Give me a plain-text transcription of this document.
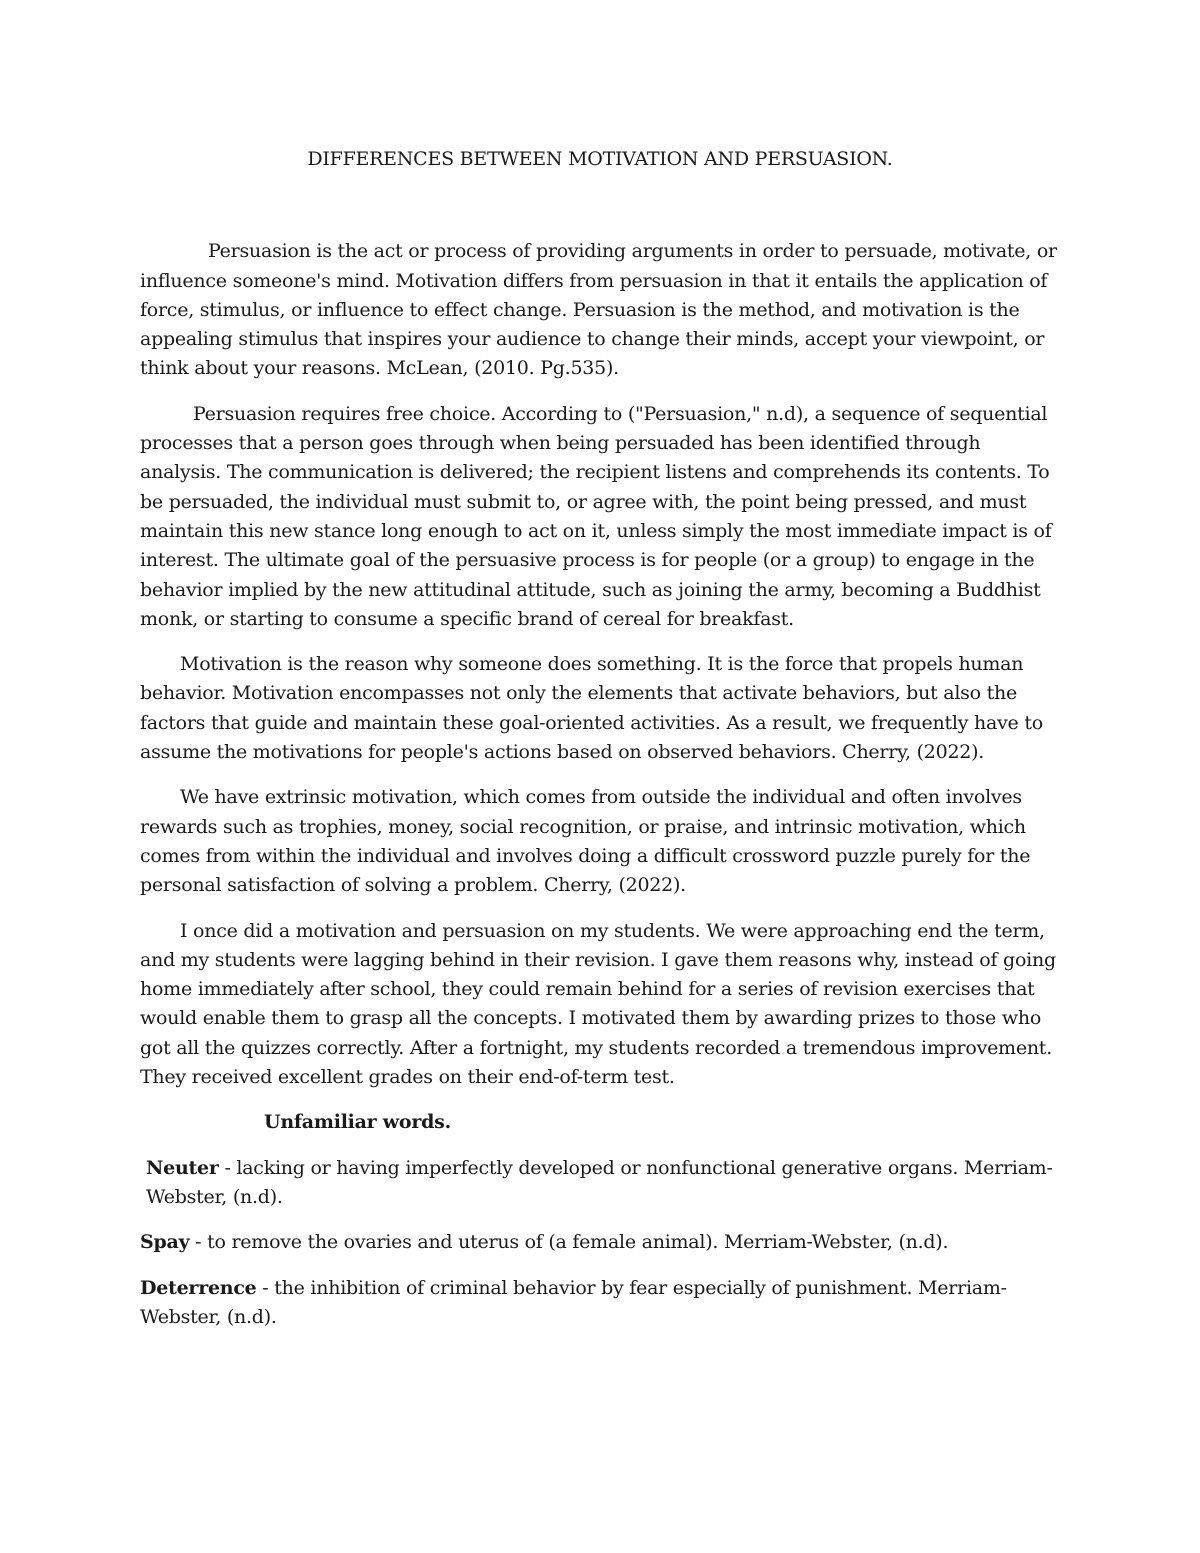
DIFFERENCES BETWEEN MOTIVATION AND PERSUASION.

Persuasion is the act or process of providing arguments in order to persuade, motivate, or influence someone's mind. Motivation differs from persuasion in that it entails the application of force, stimulus, or influence to effect change. Persuasion is the method, and motivation is the appealing stimulus that inspires your audience to change their minds, accept your viewpoint, or think about your reasons. McLean, (2010. Pg.535).

Persuasion requires free choice. According to ("Persuasion," n.d), a sequence of sequential processes that a person goes through when being persuaded has been identified through analysis. The communication is delivered; the recipient listens and comprehends its contents. To be persuaded, the individual must submit to, or agree with, the point being pressed, and must maintain this new stance long enough to act on it, unless simply the most immediate impact is of interest. The ultimate goal of the persuasive process is for people (or a group) to engage in the behavior implied by the new attitudinal attitude, such as joining the army, becoming a Buddhist monk, or starting to consume a specific brand of cereal for breakfast.

Motivation is the reason why someone does something. It is the force that propels human behavior. Motivation encompasses not only the elements that activate behaviors, but also the factors that guide and maintain these goal-oriented activities. As a result, we frequently have to assume the motivations for people's actions based on observed behaviors. Cherry, (2022).

We have extrinsic motivation, which comes from outside the individual and often involves rewards such as trophies, money, social recognition, or praise, and intrinsic motivation, which comes from within the individual and involves doing a difficult crossword puzzle purely for the personal satisfaction of solving a problem. Cherry, (2022).

I once did a motivation and persuasion on my students. We were approaching end the term, and my students were lagging behind in their revision. I gave them reasons why, instead of going home immediately after school, they could remain behind for a series of revision exercises that would enable them to grasp all the concepts. I motivated them by awarding prizes to those who got all the quizzes correctly. After a fortnight, my students recorded a tremendous improvement. They received excellent grades on their end-of-term test.

Unfamiliar words.

Neuter - lacking or having imperfectly developed or nonfunctional generative organs. Merriam-Webster, (n.d).

Spay - to remove the ovaries and uterus of (a female animal). Merriam-Webster, (n.d).

Deterrence - the inhibition of criminal behavior by fear especially of punishment. Merriam-Webster, (n.d).
